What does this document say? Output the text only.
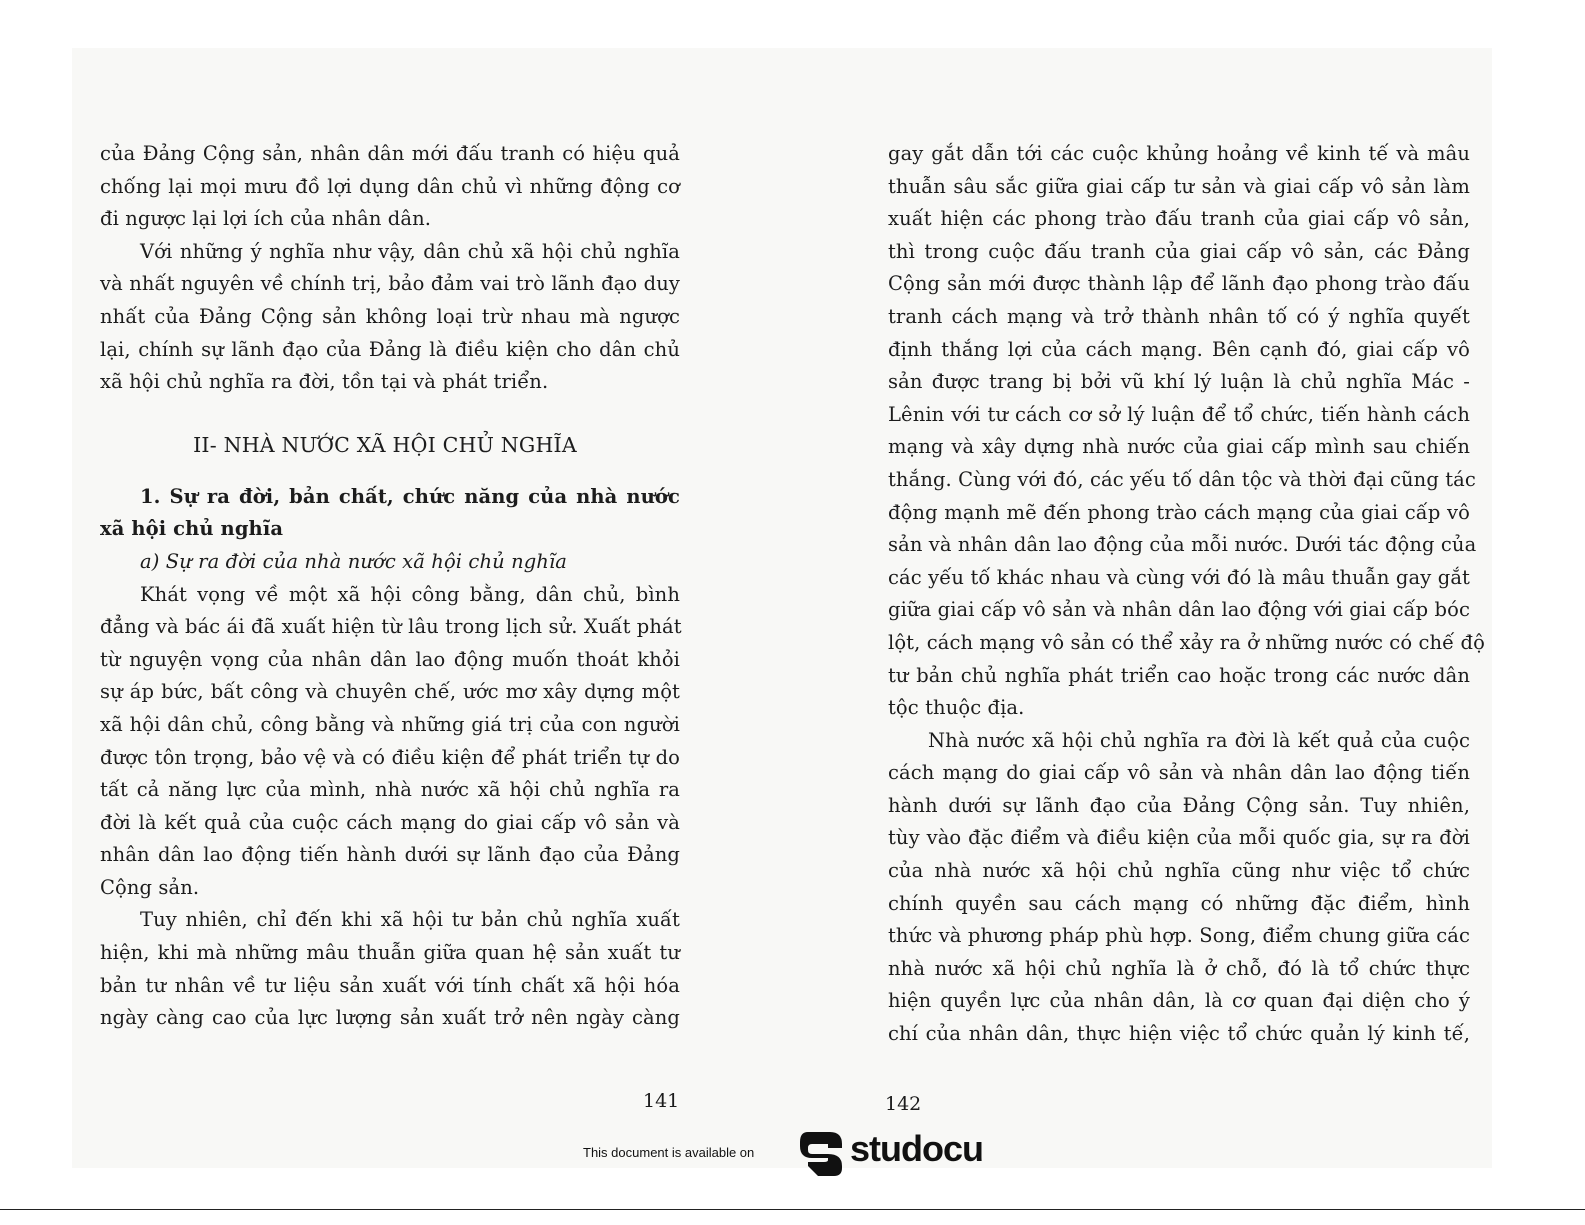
của Đảng Cộng sản, nhân dân mới đấu tranh có hiệu quả
chống lại mọi mưu đồ lợi dụng dân chủ vì những động cơ
đi ngược lại lợi ích của nhân dân.
Với những ý nghĩa như vậy, dân chủ xã hội chủ nghĩa
và nhất nguyên về chính trị, bảo đảm vai trò lãnh đạo duy
nhất của Đảng Cộng sản không loại trừ nhau mà ngược
lại, chính sự lãnh đạo của Đảng là điều kiện cho dân chủ
xã hội chủ nghĩa ra đời, tồn tại và phát triển.
II- NHÀ NƯỚC XÃ HỘI CHỦ NGHĨA
1. Sự ra đời, bản chất, chức năng của nhà nước
xã hội chủ nghĩa
a) Sự ra đời của nhà nước xã hội chủ nghĩa
Khát vọng về một xã hội công bằng, dân chủ, bình
đẳng và bác ái đã xuất hiện từ lâu trong lịch sử. Xuất phát
từ nguyện vọng của nhân dân lao động muốn thoát khỏi
sự áp bức, bất công và chuyên chế, ước mơ xây dựng một
xã hội dân chủ, công bằng và những giá trị của con người
được tôn trọng, bảo vệ và có điều kiện để phát triển tự do
tất cả năng lực của mình, nhà nước xã hội chủ nghĩa ra
đời là kết quả của cuộc cách mạng do giai cấp vô sản và
nhân dân lao động tiến hành dưới sự lãnh đạo của Đảng
Cộng sản.
Tuy nhiên, chỉ đến khi xã hội tư bản chủ nghĩa xuất
hiện, khi mà những mâu thuẫn giữa quan hệ sản xuất tư
bản tư nhân về tư liệu sản xuất với tính chất xã hội hóa
ngày càng cao của lực lượng sản xuất trở nên ngày càng
gay gắt dẫn tới các cuộc khủng hoảng về kinh tế và mâu
thuẫn sâu sắc giữa giai cấp tư sản và giai cấp vô sản làm
xuất hiện các phong trào đấu tranh của giai cấp vô sản,
thì trong cuộc đấu tranh của giai cấp vô sản, các Đảng
Cộng sản mới được thành lập để lãnh đạo phong trào đấu
tranh cách mạng và trở thành nhân tố có ý nghĩa quyết
định thắng lợi của cách mạng. Bên cạnh đó, giai cấp vô
sản được trang bị bởi vũ khí lý luận là chủ nghĩa Mác -
Lênin với tư cách cơ sở lý luận để tổ chức, tiến hành cách
mạng và xây dựng nhà nước của giai cấp mình sau chiến
thắng. Cùng với đó, các yếu tố dân tộc và thời đại cũng tác
động mạnh mẽ đến phong trào cách mạng của giai cấp vô
sản và nhân dân lao động của mỗi nước. Dưới tác động của
các yếu tố khác nhau và cùng với đó là mâu thuẫn gay gắt
giữa giai cấp vô sản và nhân dân lao động với giai cấp bóc
lột, cách mạng vô sản có thể xảy ra ở những nước có chế độ
tư bản chủ nghĩa phát triển cao hoặc trong các nước dân
tộc thuộc địa.
Nhà nước xã hội chủ nghĩa ra đời là kết quả của cuộc
cách mạng do giai cấp vô sản và nhân dân lao động tiến
hành dưới sự lãnh đạo của Đảng Cộng sản. Tuy nhiên,
tùy vào đặc điểm và điều kiện của mỗi quốc gia, sự ra đời
của nhà nước xã hội chủ nghĩa cũng như việc tổ chức
chính quyền sau cách mạng có những đặc điểm, hình
thức và phương pháp phù hợp. Song, điểm chung giữa các
nhà nước xã hội chủ nghĩa là ở chỗ, đó là tổ chức thực
hiện quyền lực của nhân dân, là cơ quan đại diện cho ý
chí của nhân dân, thực hiện việc tổ chức quản lý kinh tế,
141	142
This document is available on	studocu
